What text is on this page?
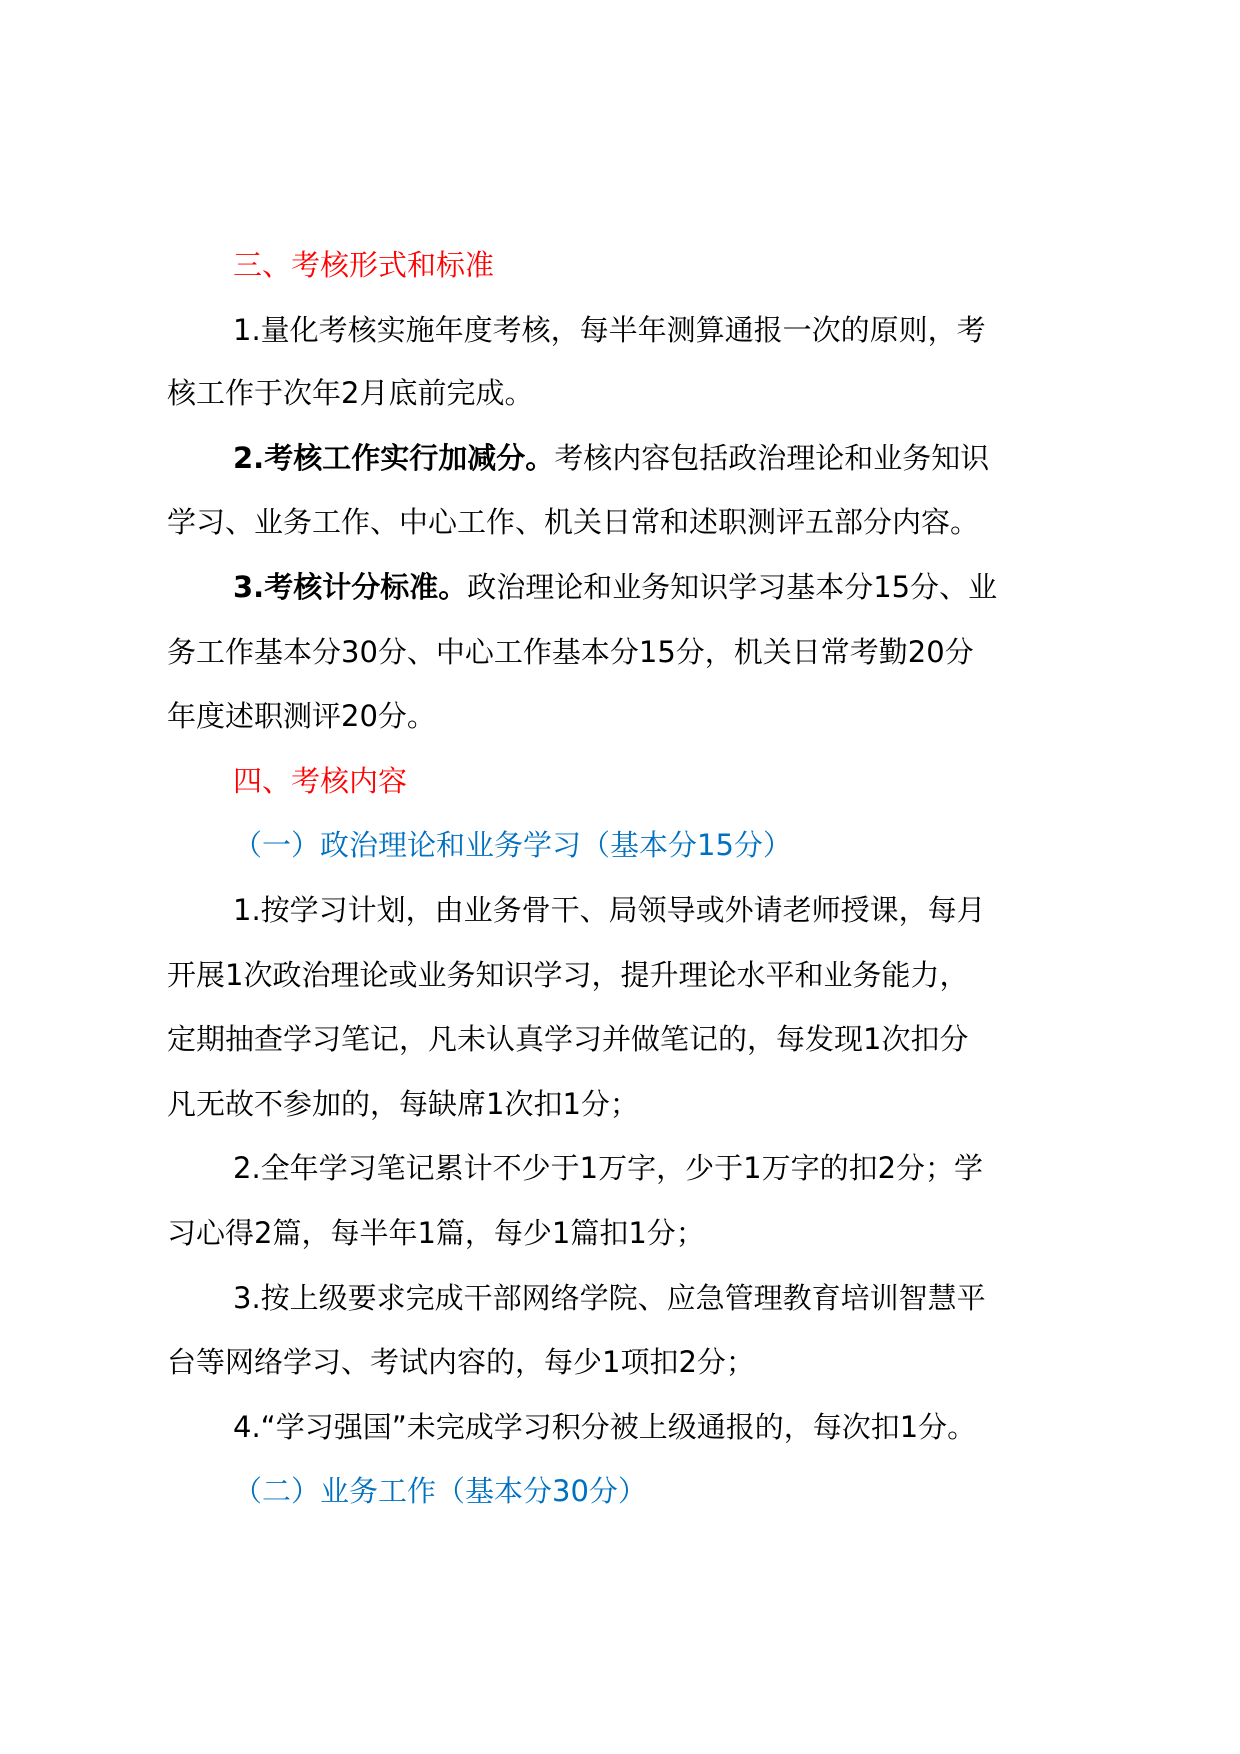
三、考核形式和标准
1.量化考核实施年度考核，每半年测算通报一次的原则，考
核工作于次年2月底前完成。
2.考核工作实行加减分。考核内容包括政治理论和业务知识
学习、业务工作、中心工作、机关日常和述职测评五部分内容。
3.考核计分标准。政治理论和业务知识学习基本分15分、业
务工作基本分30分、中心工作基本分15分，机关日常考勤20分
年度述职测评20分。
四、考核内容
（一）政治理论和业务学习（基本分15分）
1.按学习计划，由业务骨干、局领导或外请老师授课，每月
开展1次政治理论或业务知识学习，提升理论水平和业务能力，
定期抽查学习笔记，凡未认真学习并做笔记的，每发现1次扣分
凡无故不参加的，每缺席1次扣1分；
2.全年学习笔记累计不少于1万字，少于1万字的扣2分；学
习心得2篇，每半年1篇，每少1篇扣1分；
3.按上级要求完成干部网络学院、应急管理教育培训智慧平
台等网络学习、考试内容的，每少1项扣2分；
4.“学习强国”未完成学习积分被上级通报的，每次扣1分。
（二）业务工作（基本分30分）
